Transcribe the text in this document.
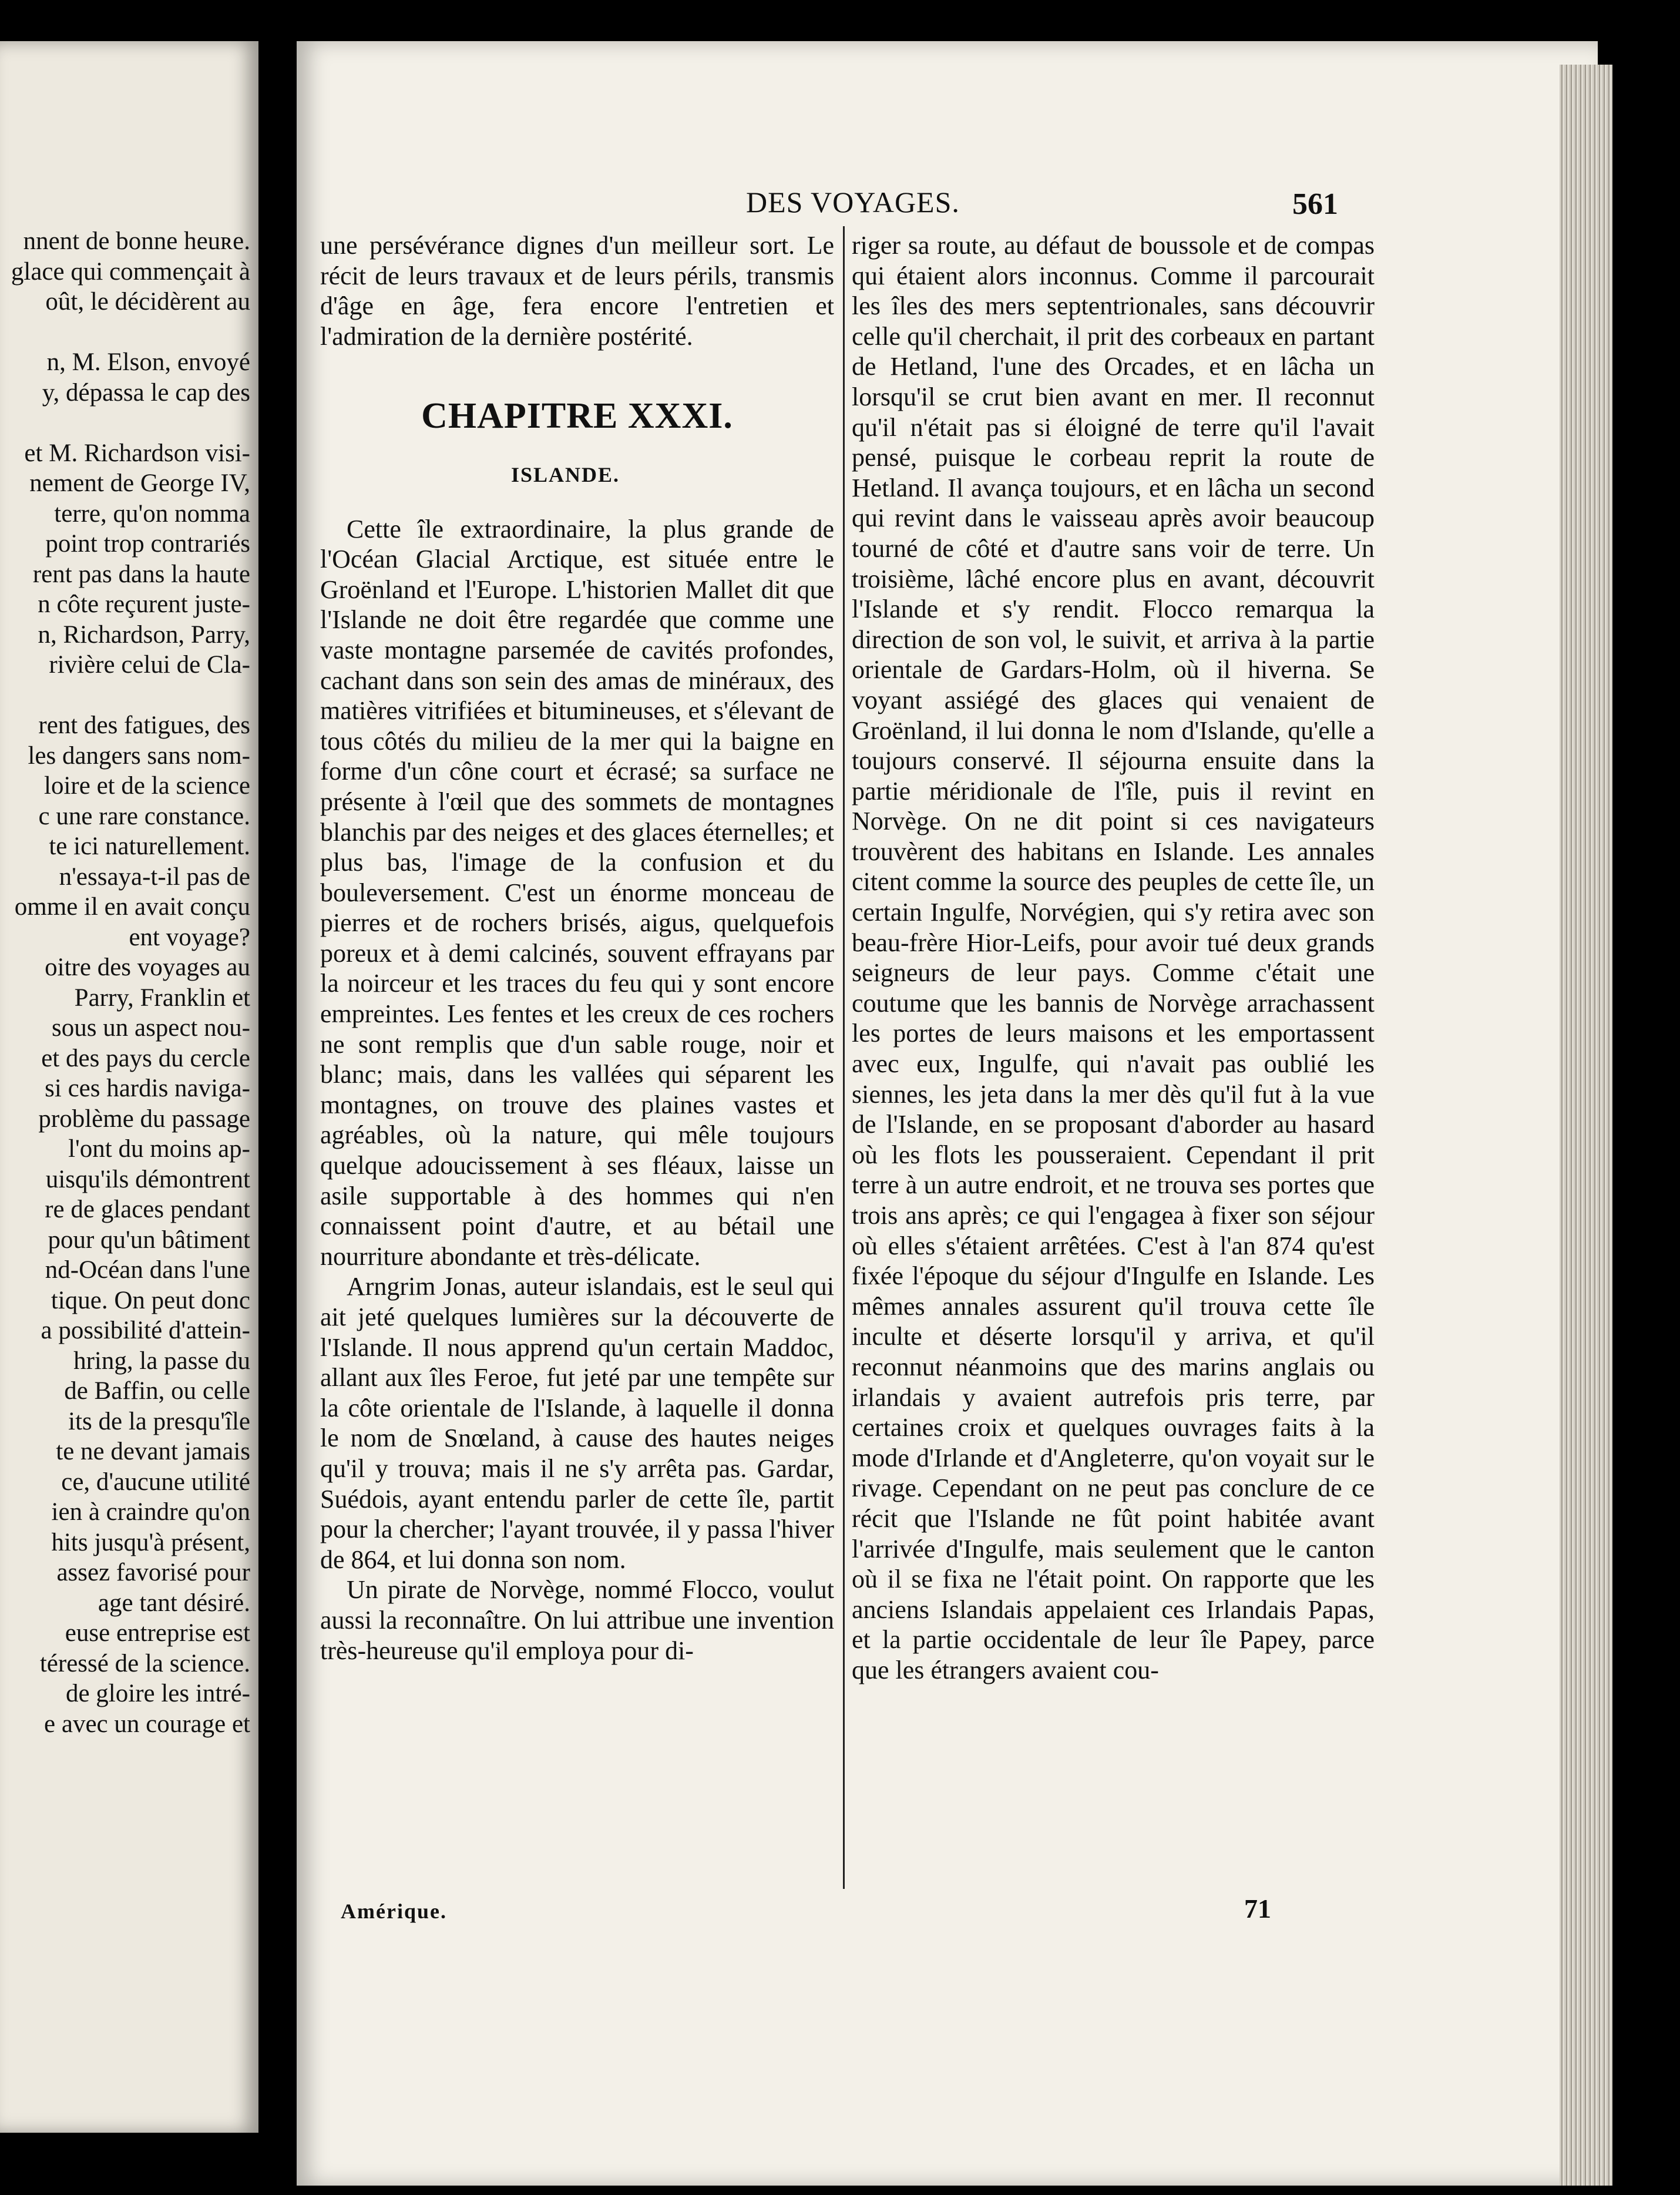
nnent de bonne heuʀe.
glace qui commençait à
oût, le décidèrent au
n, M. Elson, envoyé
y, dépassa le cap des
et M. Richardson visi-
nement de George IV,
terre, qu'on nomma
point trop contrariés
rent pas dans la haute
n côte reçurent juste-
n, Richardson, Parry,
rivière celui de Cla-
rent des fatigues, des
les dangers sans nom-
loire et de la science
c une rare constance.
te ici naturellement.
n'essaya-t-il pas de
omme il en avait conçu
ent voyage?
oitre des voyages au
Parry, Franklin et
sous un aspect nou-
et des pays du cercle
si ces hardis naviga-
problème du passage
l'ont du moins ap-
uisqu'ils démontrent
re de glaces pendant
pour qu'un bâtiment
nd-Océan dans l'une
tique. On peut donc
a possibilité d'attein-
hring, la passe du
de Baffin, ou celle
its de la presqu'île
te ne devant jamais
ce, d'aucune utilité
ien à craindre qu'on
hits jusqu'à présent,
assez favorisé pour
age tant désiré.
euse entreprise est
téressé de la science.
de gloire les intré-
e avec un courage et
DES VOYAGES.	561

une persévérance dignes d'un meilleur sort. Le récit de leurs travaux et de leurs périls, transmis d'âge en âge, fera encore l'entretien et l'admiration de la dernière postérité.

CHAPITRE XXXI.
ISLANDE.

Cette île extraordinaire, la plus grande de l'Océan Glacial Arctique, est située entre le Groënland et l'Europe. L'historien Mallet dit que l'Islande ne doit être regardée que comme une vaste montagne parsemée de cavités profondes, cachant dans son sein des amas de minéraux, des matières vitrifiées et bitumineuses, et s'élevant de tous côtés du milieu de la mer qui la baigne en forme d'un cône court et écrasé; sa surface ne présente à l'œil que des sommets de montagnes blanchis par des neiges et des glaces éternelles; et plus bas, l'image de la confusion et du bouleversement. C'est un énorme monceau de pierres et de rochers brisés, aigus, quelquefois poreux et à demi calcinés, souvent effrayans par la noirceur et les traces du feu qui y sont encore empreintes. Les fentes et les creux de ces rochers ne sont remplis que d'un sable rouge, noir et blanc; mais, dans les vallées qui séparent les montagnes, on trouve des plaines vastes et agréables, où la nature, qui mêle toujours quelque adoucissement à ses fléaux, laisse un asile supportable à des hommes qui n'en connaissent point d'autre, et au bétail une nourriture abondante et très-délicate.

Arngrim Jonas, auteur islandais, est le seul qui ait jeté quelques lumières sur la découverte de l'Islande. Il nous apprend qu'un certain Maddoc, allant aux îles Feroe, fut jeté par une tempête sur la côte orientale de l'Islande, à laquelle il donna le nom de Snœland, à cause des hautes neiges qu'il y trouva; mais il ne s'y arrêta pas. Gardar, Suédois, ayant entendu parler de cette île, partit pour la chercher; l'ayant trouvée, il y passa l'hiver de 864, et lui donna son nom.

Un pirate de Norvège, nommé Flocco, voulut aussi la reconnaître. On lui attribue une invention très-heureuse qu'il employa pour di-

riger sa route, au défaut de boussole et de compas qui étaient alors inconnus. Comme il parcourait les îles des mers septentrionales, sans découvrir celle qu'il cherchait, il prit des corbeaux en partant de Hetland, l'une des Orcades, et en lâcha un lorsqu'il se crut bien avant en mer. Il reconnut qu'il n'était pas si éloigné de terre qu'il l'avait pensé, puisque le corbeau reprit la route de Hetland. Il avança toujours, et en lâcha un second qui revint dans le vaisseau après avoir beaucoup tourné de côté et d'autre sans voir de terre. Un troisième, lâché encore plus en avant, découvrit l'Islande et s'y rendit. Flocco remarqua la direction de son vol, le suivit, et arriva à la partie orientale de Gardars-Holm, où il hiverna. Se voyant assiégé des glaces qui venaient de Groënland, il lui donna le nom d'Islande, qu'elle a toujours conservé. Il séjourna ensuite dans la partie méridionale de l'île, puis il revint en Norvège. On ne dit point si ces navigateurs trouvèrent des habitans en Islande. Les annales citent comme la source des peuples de cette île, un certain Ingulfe, Norvégien, qui s'y retira avec son beau-frère Hior-Leifs, pour avoir tué deux grands seigneurs de leur pays. Comme c'était une coutume que les bannis de Norvège arrachassent les portes de leurs maisons et les emportassent avec eux, Ingulfe, qui n'avait pas oublié les siennes, les jeta dans la mer dès qu'il fut à la vue de l'Islande, en se proposant d'aborder au hasard où les flots les pousseraient. Cependant il prit terre à un autre endroit, et ne trouva ses portes que trois ans après; ce qui l'engagea à fixer son séjour où elles s'étaient arrêtées. C'est à l'an 874 qu'est fixée l'époque du séjour d'Ingulfe en Islande. Les mêmes annales assurent qu'il trouva cette île inculte et déserte lorsqu'il y arriva, et qu'il reconnut néanmoins que des marins anglais ou irlandais y avaient autrefois pris terre, par certaines croix et quelques ouvrages faits à la mode d'Irlande et d'Angleterre, qu'on voyait sur le rivage. Cependant on ne peut pas conclure de ce récit que l'Islande ne fût point habitée avant l'arrivée d'Ingulfe, mais seulement que le canton où il se fixa ne l'était point. On rapporte que les anciens Islandais appelaient ces Irlandais Papas, et la partie occidentale de leur île Papey, parce que les étrangers avaient cou-

Amérique.	71
